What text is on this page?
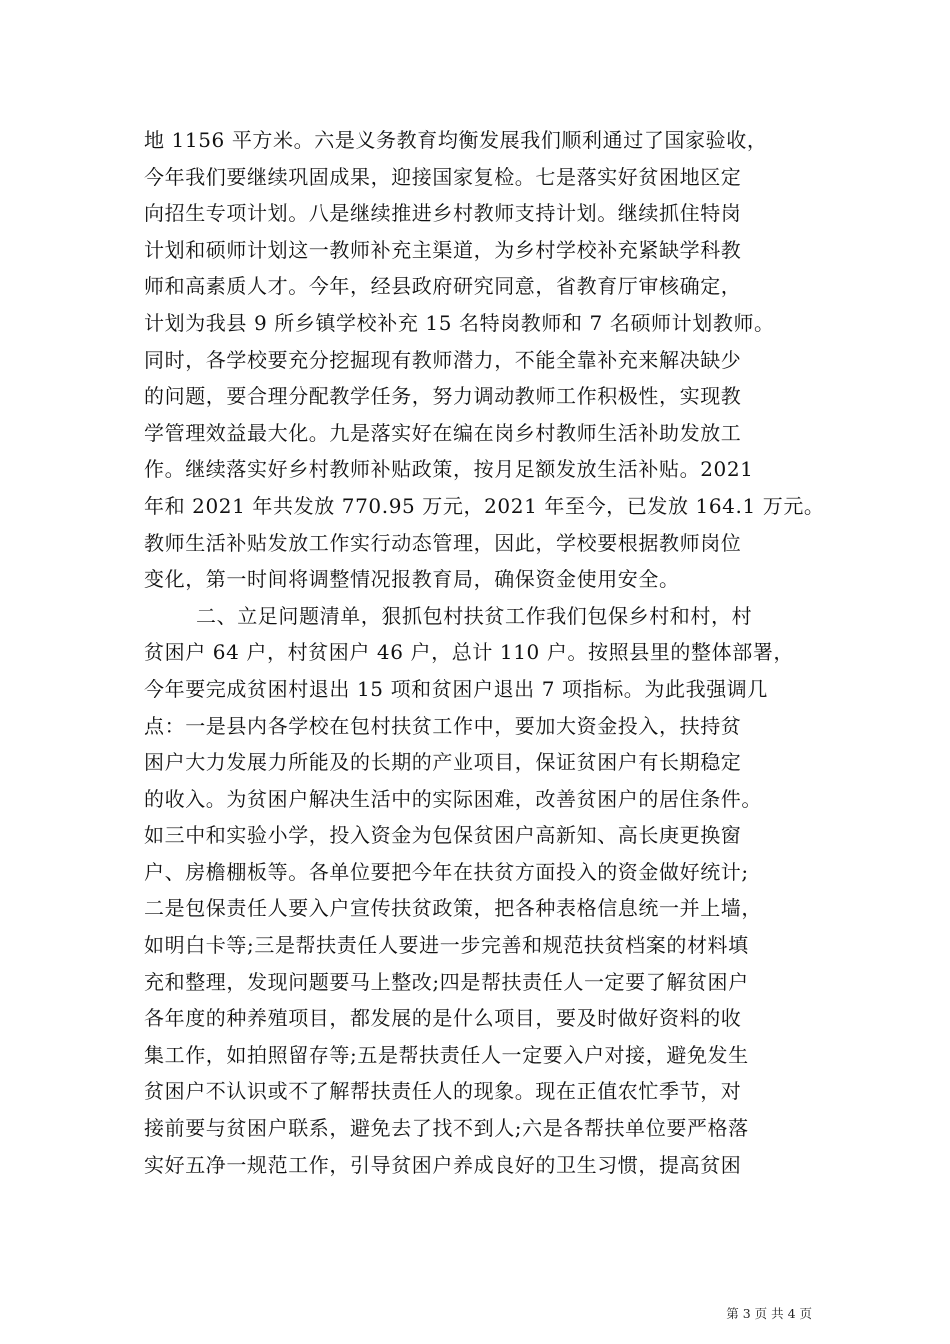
地 1156 平方米。六是义务教育均衡发展我们顺利通过了国家验收，
今年我们要继续巩固成果，迎接国家复检。七是落实好贫困地区定
向招生专项计划。八是继续推进乡村教师支持计划。继续抓住特岗
计划和硕师计划这一教师补充主渠道，为乡村学校补充紧缺学科教
师和高素质人才。今年，经县政府研究同意，省教育厅审核确定，
计划为我县 9 所乡镇学校补充 15 名特岗教师和 7 名硕师计划教师。
同时，各学校要充分挖掘现有教师潜力，不能全靠补充来解决缺少
的问题，要合理分配教学任务，努力调动教师工作积极性，实现教
学管理效益最大化。九是落实好在编在岗乡村教师生活补助发放工
作。继续落实好乡村教师补贴政策，按月足额发放生活补贴。2021
年和 2021 年共发放 770.95 万元，2021 年至今，已发放 164.1 万元。
教师生活补贴发放工作实行动态管理，因此，学校要根据教师岗位
变化，第一时间将调整情况报教育局，确保资金使用安全。
二、立足问题清单，狠抓包村扶贫工作我们包保乡村和村，村
贫困户 64 户，村贫困户 46 户，总计 110 户。按照县里的整体部署，
今年要完成贫困村退出 15 项和贫困户退出 7 项指标。为此我强调几
点：一是县内各学校在包村扶贫工作中，要加大资金投入，扶持贫
困户大力发展力所能及的长期的产业项目，保证贫困户有长期稳定
的收入。为贫困户解决生活中的实际困难，改善贫困户的居住条件。
如三中和实验小学，投入资金为包保贫困户高新知、高长庚更换窗
户、房檐棚板等。各单位要把今年在扶贫方面投入的资金做好统计;
二是包保责任人要入户宣传扶贫政策，把各种表格信息统一并上墙，
如明白卡等;三是帮扶责任人要进一步完善和规范扶贫档案的材料填
充和整理，发现问题要马上整改;四是帮扶责任人一定要了解贫困户
各年度的种养殖项目，都发展的是什么项目，要及时做好资料的收
集工作，如拍照留存等;五是帮扶责任人一定要入户对接，避免发生
贫困户不认识或不了解帮扶责任人的现象。现在正值农忙季节，对
接前要与贫困户联系，避免去了找不到人;六是各帮扶单位要严格落
实好五净一规范工作，引导贫困户养成良好的卫生习惯，提高贫困
第 3 页 共 4 页
